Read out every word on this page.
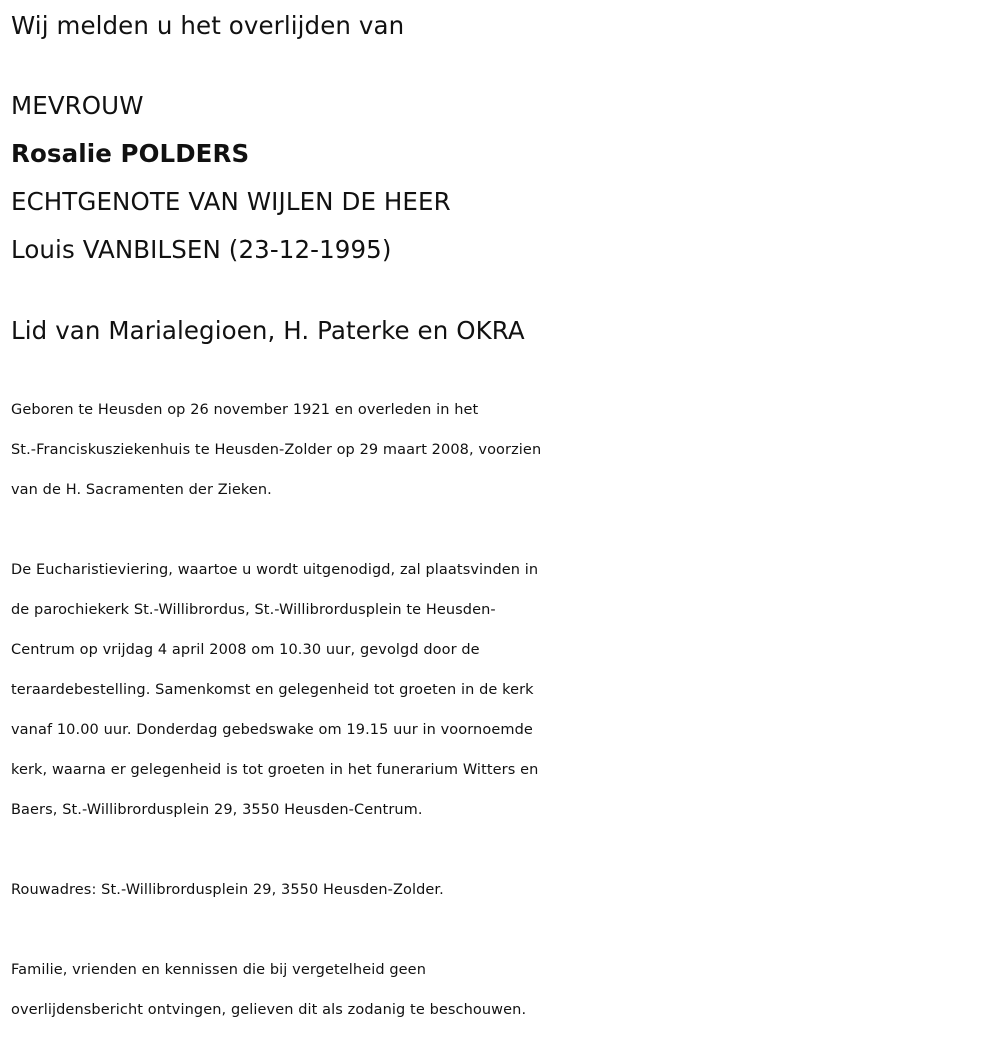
Wij melden u het overlijden van
MEVROUW
Rosalie POLDERS
ECHTGENOTE VAN WIJLEN DE HEER
Louis VANBILSEN (23-12-1995)
Lid van Marialegioen, H. Paterke en OKRA
Geboren te Heusden op 26 november 1921 en overleden in het
St.-Franciskusziekenhuis te Heusden-Zolder op 29 maart 2008, voorzien
van de H. Sacramenten der Zieken.
De Eucharistieviering, waartoe u wordt uitgenodigd, zal plaatsvinden in
de parochiekerk St.-Willibrordus, St.-Willibrordusplein te Heusden-
Centrum op vrijdag 4 april 2008 om 10.30 uur, gevolgd door de
teraardebestelling. Samenkomst en gelegenheid tot groeten in de kerk
vanaf 10.00 uur. Donderdag gebedswake om 19.15 uur in voornoemde
kerk, waarna er gelegenheid is tot groeten in het funerarium Witters en
Baers, St.-Willibrordusplein 29, 3550 Heusden-Centrum.
Rouwadres: St.-Willibrordusplein 29, 3550 Heusden-Zolder.
Familie, vrienden en kennissen die bij vergetelheid geen
overlijdensbericht ontvingen, gelieven dit als zodanig te beschouwen.
